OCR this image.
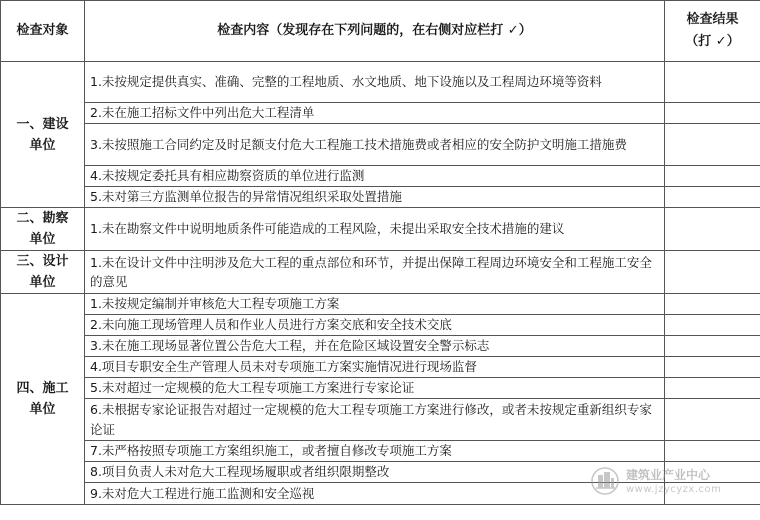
检查对象	检查内容（发现存在下列问题的，在右侧对应栏打 ✓）	检查结果
（打 ✓）

一、建设
单位	1.未按规定提供真实、准确、完整的工程地质、水文地质、地下设施以及工程周边环境等资料	
	2.未在施工招标文件中列出危大工程清单	
	3.未按照施工合同约定及时足额支付危大工程施工技术措施费或者相应的安全防护文明施工措施费	
	4.未按规定委托具有相应勘察资质的单位进行监测	
	5.未对第三方监测单位报告的异常情况组织采取处置措施	

二、勘察
单位	1.未在勘察文件中说明地质条件可能造成的工程风险，未提出采取安全技术措施的建议	

三、设计
单位	1.未在设计文件中注明涉及危大工程的重点部位和环节，并提出保障工程周边环境安全和工程施工安全的意见	

四、施工
单位	1.未按规定编制并审核危大工程专项施工方案	
	2.未向施工现场管理人员和作业人员进行方案交底和安全技术交底	
	3.未在施工现场显著位置公告危大工程，并在危险区域设置安全警示标志	
	4.项目专职安全生产管理人员未对专项施工方案实施情况进行现场监督	
	5.未对超过一定规模的危大工程专项施工方案进行专家论证	
	6.未根据专家论证报告对超过一定规模的危大工程专项施工方案进行修改，或者未按规定重新组织专家论证	
	7.未严格按照专项施工方案组织施工，或者擅自修改专项施工方案	
	8.项目负责人未对危大工程现场履职或者组织限期整改	
	9.未对危大工程进行施工监测和安全巡视	
建筑业产业中心
www.jzycyzx.com
